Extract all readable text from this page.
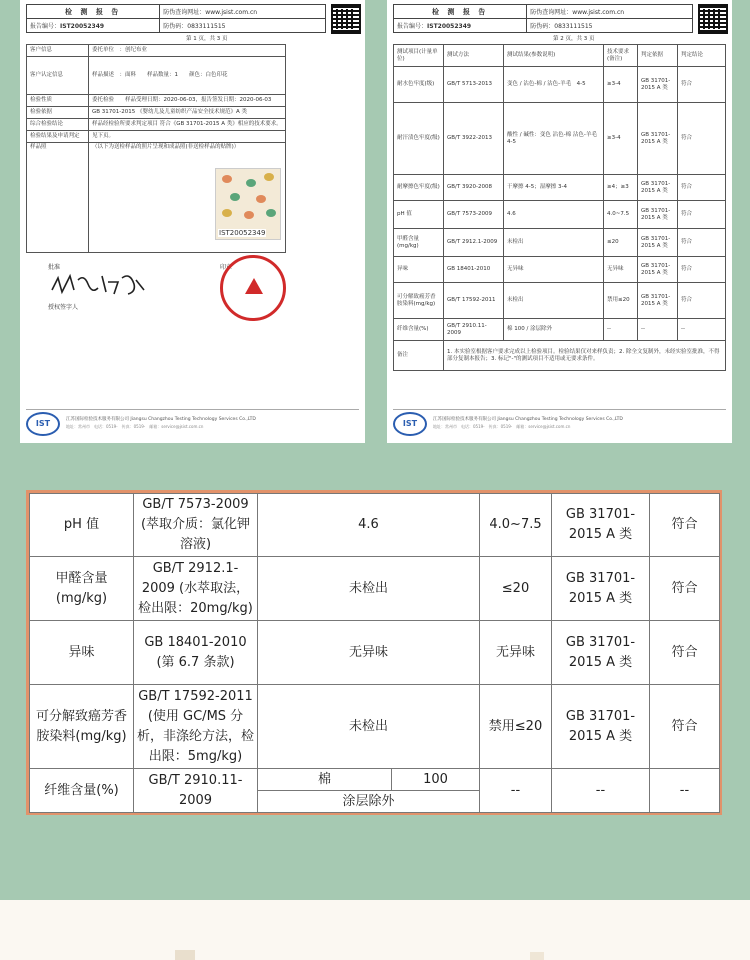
检 测 报 告	防伪查询网址：www.jsist.com.cn
报告编号：IST20052349	防伪码：0833111515
第 1 页，共 3 页
客户信息	委托单位　：创纪布业
客户认定信息	样品描述　：面料　　样品数量：1　　颜色：白色印花
检验性质	委托检验　　样品受理日期：2020-06-03，报告签发日期：2020-06-03
检验依据	GB 31701-2015 《婴幼儿及儿童纺织产品安全技术规范》A 类
综合检验结论	样品经检验所要求判定项目 符合《GB 31701-2015 A 类》相应的技术要求。
检验结果及申请判定	见下页。
样品照	（以下为送检样品的照片呈现和成品照(非送检样品的贴牌)）
IST20052349
批准
授权签字人
印章
IST	江苏国际检验技术服务有限公司 Jiangsu Changzhou Testing Technology Services Co.,LTD
地址：常州市　电话：0519-　传真：0519-　邮箱：service@jsist.com.cn
检 测 报 告	防伪查询网址：www.jsist.com.cn
报告编号：IST20052349	防伪码：0833111515
第 2 页，共 3 页
测试项目(计量单位)	测试方法	测试结果(参数说明)	技术要求(备注)	判定依据	判定结论
耐水色牢度(级)	GB/T 5713-2013	变色 / 沾色-棉 / 沾色-羊毛　4-5	≥3-4	GB 31701-2015 A 类	符合
耐汗渍色牢度(级)	GB/T 3922-2013	酸性 / 碱性：变色 沾色-棉 沾色-羊毛　4-5	≥3-4	GB 31701-2015 A 类	符合
耐摩擦色牢度(级)	GB/T 3920-2008	干摩擦 4-5；湿摩擦 3-4	≥4；≥3	GB 31701-2015 A 类	符合
pH 值	GB/T 7573-2009	4.6	4.0~7.5	GB 31701-2015 A 类	符合
甲醛含量(mg/kg)	GB/T 2912.1-2009	未检出	≤20	GB 31701-2015 A 类	符合
异味	GB 18401-2010	无异味	无异味	GB 31701-2015 A 类	符合
可分解致癌芳香胺染料(mg/kg)	GB/T 17592-2011	未检出	禁用≤20	GB 31701-2015 A 类	符合
纤维含量(%)	GB/T 2910.11-2009	棉 100 / 涂层除外	--	--	--
备注	1. 本实验室根据客户要求完成以上检验项目。检验结果仅对来样负责；2. 除全文复制外，未经实验室批准，不得部分复制本报告；3. 标记"-"的测试项目不适用或无要求条件。				
IST	江苏国际检验技术服务有限公司 Jiangsu Changzhou Testing Technology Services Co.,LTD
地址：常州市　电话：0519-　传真：0519-　邮箱：service@jsist.com.cn
pH 值	GB/T 7573-2009 (萃取介质：氯化钾溶液)	4.6		4.0~7.5	GB 31701-2015 A 类	符合
甲醛含量 (mg/kg)	GB/T 2912.1-2009 (水萃取法，检出限：20mg/kg)	未检出		≤20	GB 31701-2015 A 类	符合
异味	GB 18401-2010 (第 6.7 条款)	无异味		无异味	GB 31701-2015 A 类	符合
可分解致癌芳香胺染料(mg/kg)	GB/T 17592-2011 (使用 GC/MS 分析，非涤纶方法，检出限：5mg/kg)	未检出		禁用≤20	GB 31701-2015 A 类	符合
纤维含量(%)	GB/T 2910.11-2009	棉	100	--	--	--
		涂层除外				
